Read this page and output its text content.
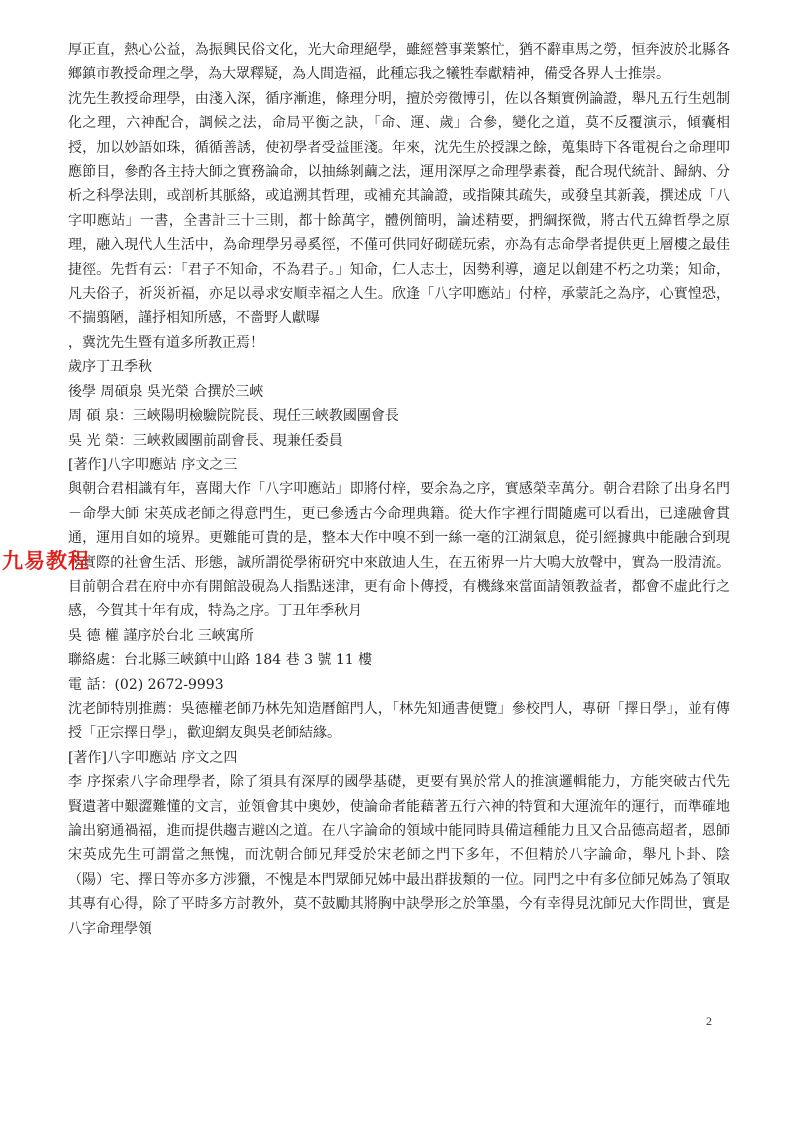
厚正直，熱心公益，為振興民俗文化，光大命理絕學，雖經營事業繁忙，猶不辭車馬之勞，恒奔波於北縣各鄉鎮市教授命理之學，為大眾釋疑，為人間造福，此種忘我之犧牲奉獻精神，備受各界人士推崇。

沈先生教授命理學，由淺入深，循序漸進，條理分明，擅於旁徵博引，佐以各類實例論證，舉凡五行生剋制化之理，六神配合，調候之法，命局平衡之訣，「命、運、歲」合參，變化之道，莫不反覆演示，傾囊相授，加以妙語如珠，循循善誘，使初學者受益匪淺。年來，沈先生於授課之餘，蒐集時下各電視台之命理叩應節目，參酌各主持大師之實務論命，以抽絲剝繭之法，運用深厚之命理學素養，配合現代統計、歸納、分析之科學法則，或剖析其脈絡，或追溯其哲理，或補充其論證，或指陳其疏失，或發皇其新義，撰述成「八字叩應站」一書，全書計三十三則，都十餘萬字，體例簡明，論述精要，捫綱探微，將古代五緯哲學之原理，融入現代人生活中，為命理學另尋奚徑，不僅可供同好砌磋玩索，亦為有志命學者提供更上層樓之最佳捷徑。先哲有云：「君子不知命，不為君子。」知命，仁人志士，因勢利導，適足以創建不朽之功業；知命，凡夫俗子，祈災祈福，亦足以尋求安順幸福之人生。欣逢「八字叩應站」付梓，承蒙託之為序，心實惶恐，不揣翦陋，謹抒相知所感，不嗇野人獻曝

，冀沈先生暨有道多所教正焉！
歲序丁丑季秋
後學 周碩泉 吳光榮 合撰於三峽
周 碩 泉：三峽陽明檢驗院院長、現任三峽教國團會長
吳 光 榮：三峽救國團前副會長、現兼任委員
[著作]八字叩應站 序文之三

與朝合君相識有年，喜聞大作「八字叩應站」即將付梓，要余為之序，實感榮幸萬分。朝合君除了出身名門－命學大師 宋英成老師之得意門生，更已參透古今命理典籍。從大作字裡行間隨處可以看出，已達融會貫通，運用自如的境界。更難能可貴的是，整本大作中嗅不到一絲一毫的江湖氣息，從引經據典中能融合到現今實際的社會生活、形態，誠所謂從學術研究中來啟迪人生，在五術界一片大鳴大放聲中，實為一股清流。目前朝合君在府中亦有開館設硯為人指點迷津，更有命卜傳授，有機緣來當面請領教益者，都會不虛此行之感，今賀其十年有成，特為之序。丁丑年季秋月

吳 德 權 謹序於台北 三峽寓所
聯絡處：台北縣三峽鎮中山路 184 巷 3 號 11 樓
電 話：(02) 2672-9993

沈老師特別推薦：吳德權老師乃林先知造曆館門人，「林先知通書便覽」參校門人，專研「擇日學」，並有傳授「正宗擇日學」，歡迎網友與吳老師結緣。

[著作]八字叩應站 序文之四

李 序探索八字命理學者，除了須具有深厚的國學基礎，更要有異於常人的推演邏輯能力，方能突破古代先賢遺著中艱澀難懂的文言，並領會其中奧妙，使論命者能藉著五行六神的特質和大運流年的運行，而準確地論出窮通禍福，進而提供趨吉避凶之道。在八字論命的領域中能同時具備這種能力且又合品德高超者，恩師 宋英成先生可謂當之無愧，而沈朝合師兄拜受於宋老師之門下多年，不但精於八字論命，舉凡卜卦、陰（陽）宅、擇日等亦多方涉獵，不愧是本門眾師兄姊中最出群拔類的一位。同門之中有多位師兄姊為了領取其專有心得，除了平時多方討教外，莫不鼓勵其將胸中訣學形之於筆墨，今有幸得見沈師兄大作問世，實是八字命理學領

九易教程
2
